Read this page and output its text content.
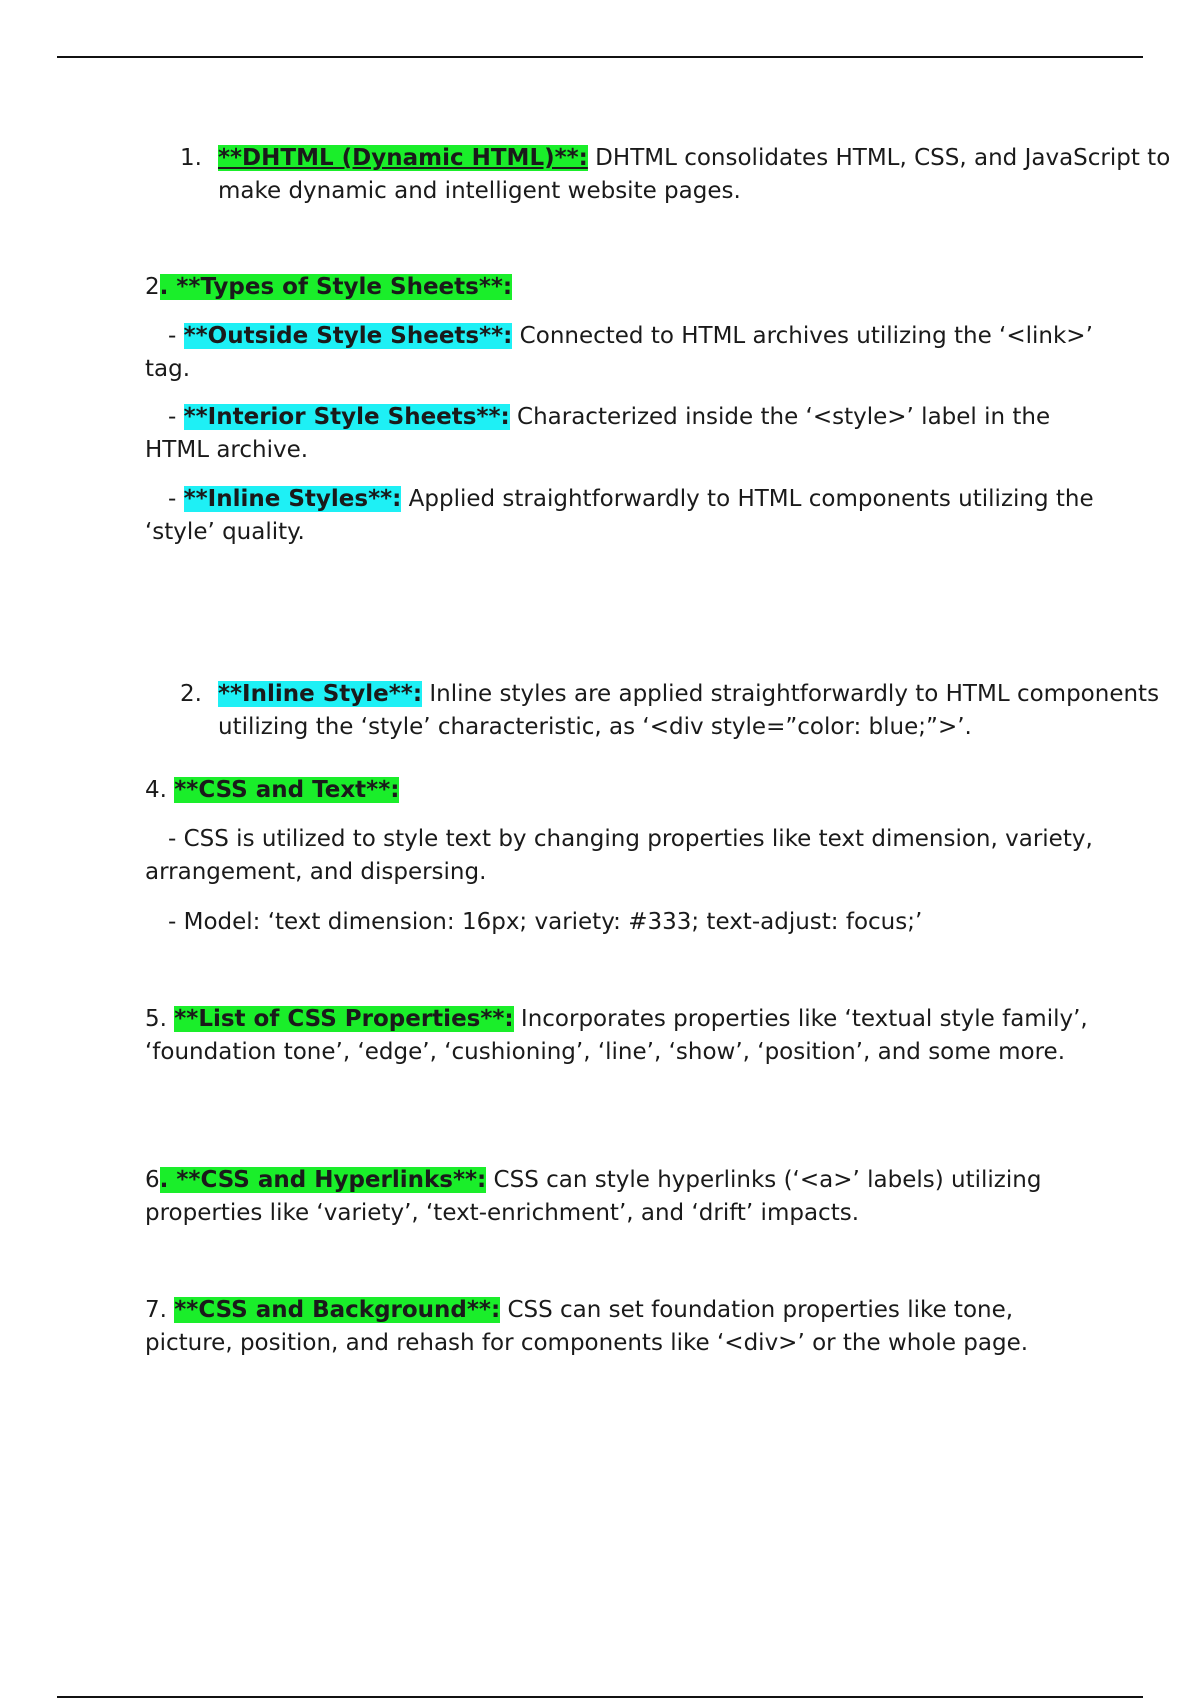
1. **DHTML (Dynamic HTML)**: DHTML consolidates HTML, CSS, and JavaScript to make dynamic and intelligent website pages.
2. **Types of Style Sheets**:
- **Outside Style Sheets**: Connected to HTML archives utilizing the ‘<link>’ tag.
- **Interior Style Sheets**: Characterized inside the ‘<style>’ label in the HTML archive.
- **Inline Styles**: Applied straightforwardly to HTML components utilizing the ‘style’ quality.
2. **Inline Style**: Inline styles are applied straightforwardly to HTML components utilizing the ‘style’ characteristic, as ‘<div style=”color: blue;”>’.
4. **CSS and Text**:
- CSS is utilized to style text by changing properties like text dimension, variety, arrangement, and dispersing.
- Model: ‘text dimension: 16px; variety: #333; text-adjust: focus;’
5. **List of CSS Properties**: Incorporates properties like ‘textual style family’, ‘foundation tone’, ‘edge’, ‘cushioning’, ‘line’, ‘show’, ‘position’, and some more.
6. **CSS and Hyperlinks**: CSS can style hyperlinks (‘<a>’ labels) utilizing properties like ‘variety’, ‘text-enrichment’, and ‘drift’ impacts.
7. **CSS and Background**: CSS can set foundation properties like tone, picture, position, and rehash for components like ‘<div>’ or the whole page.
